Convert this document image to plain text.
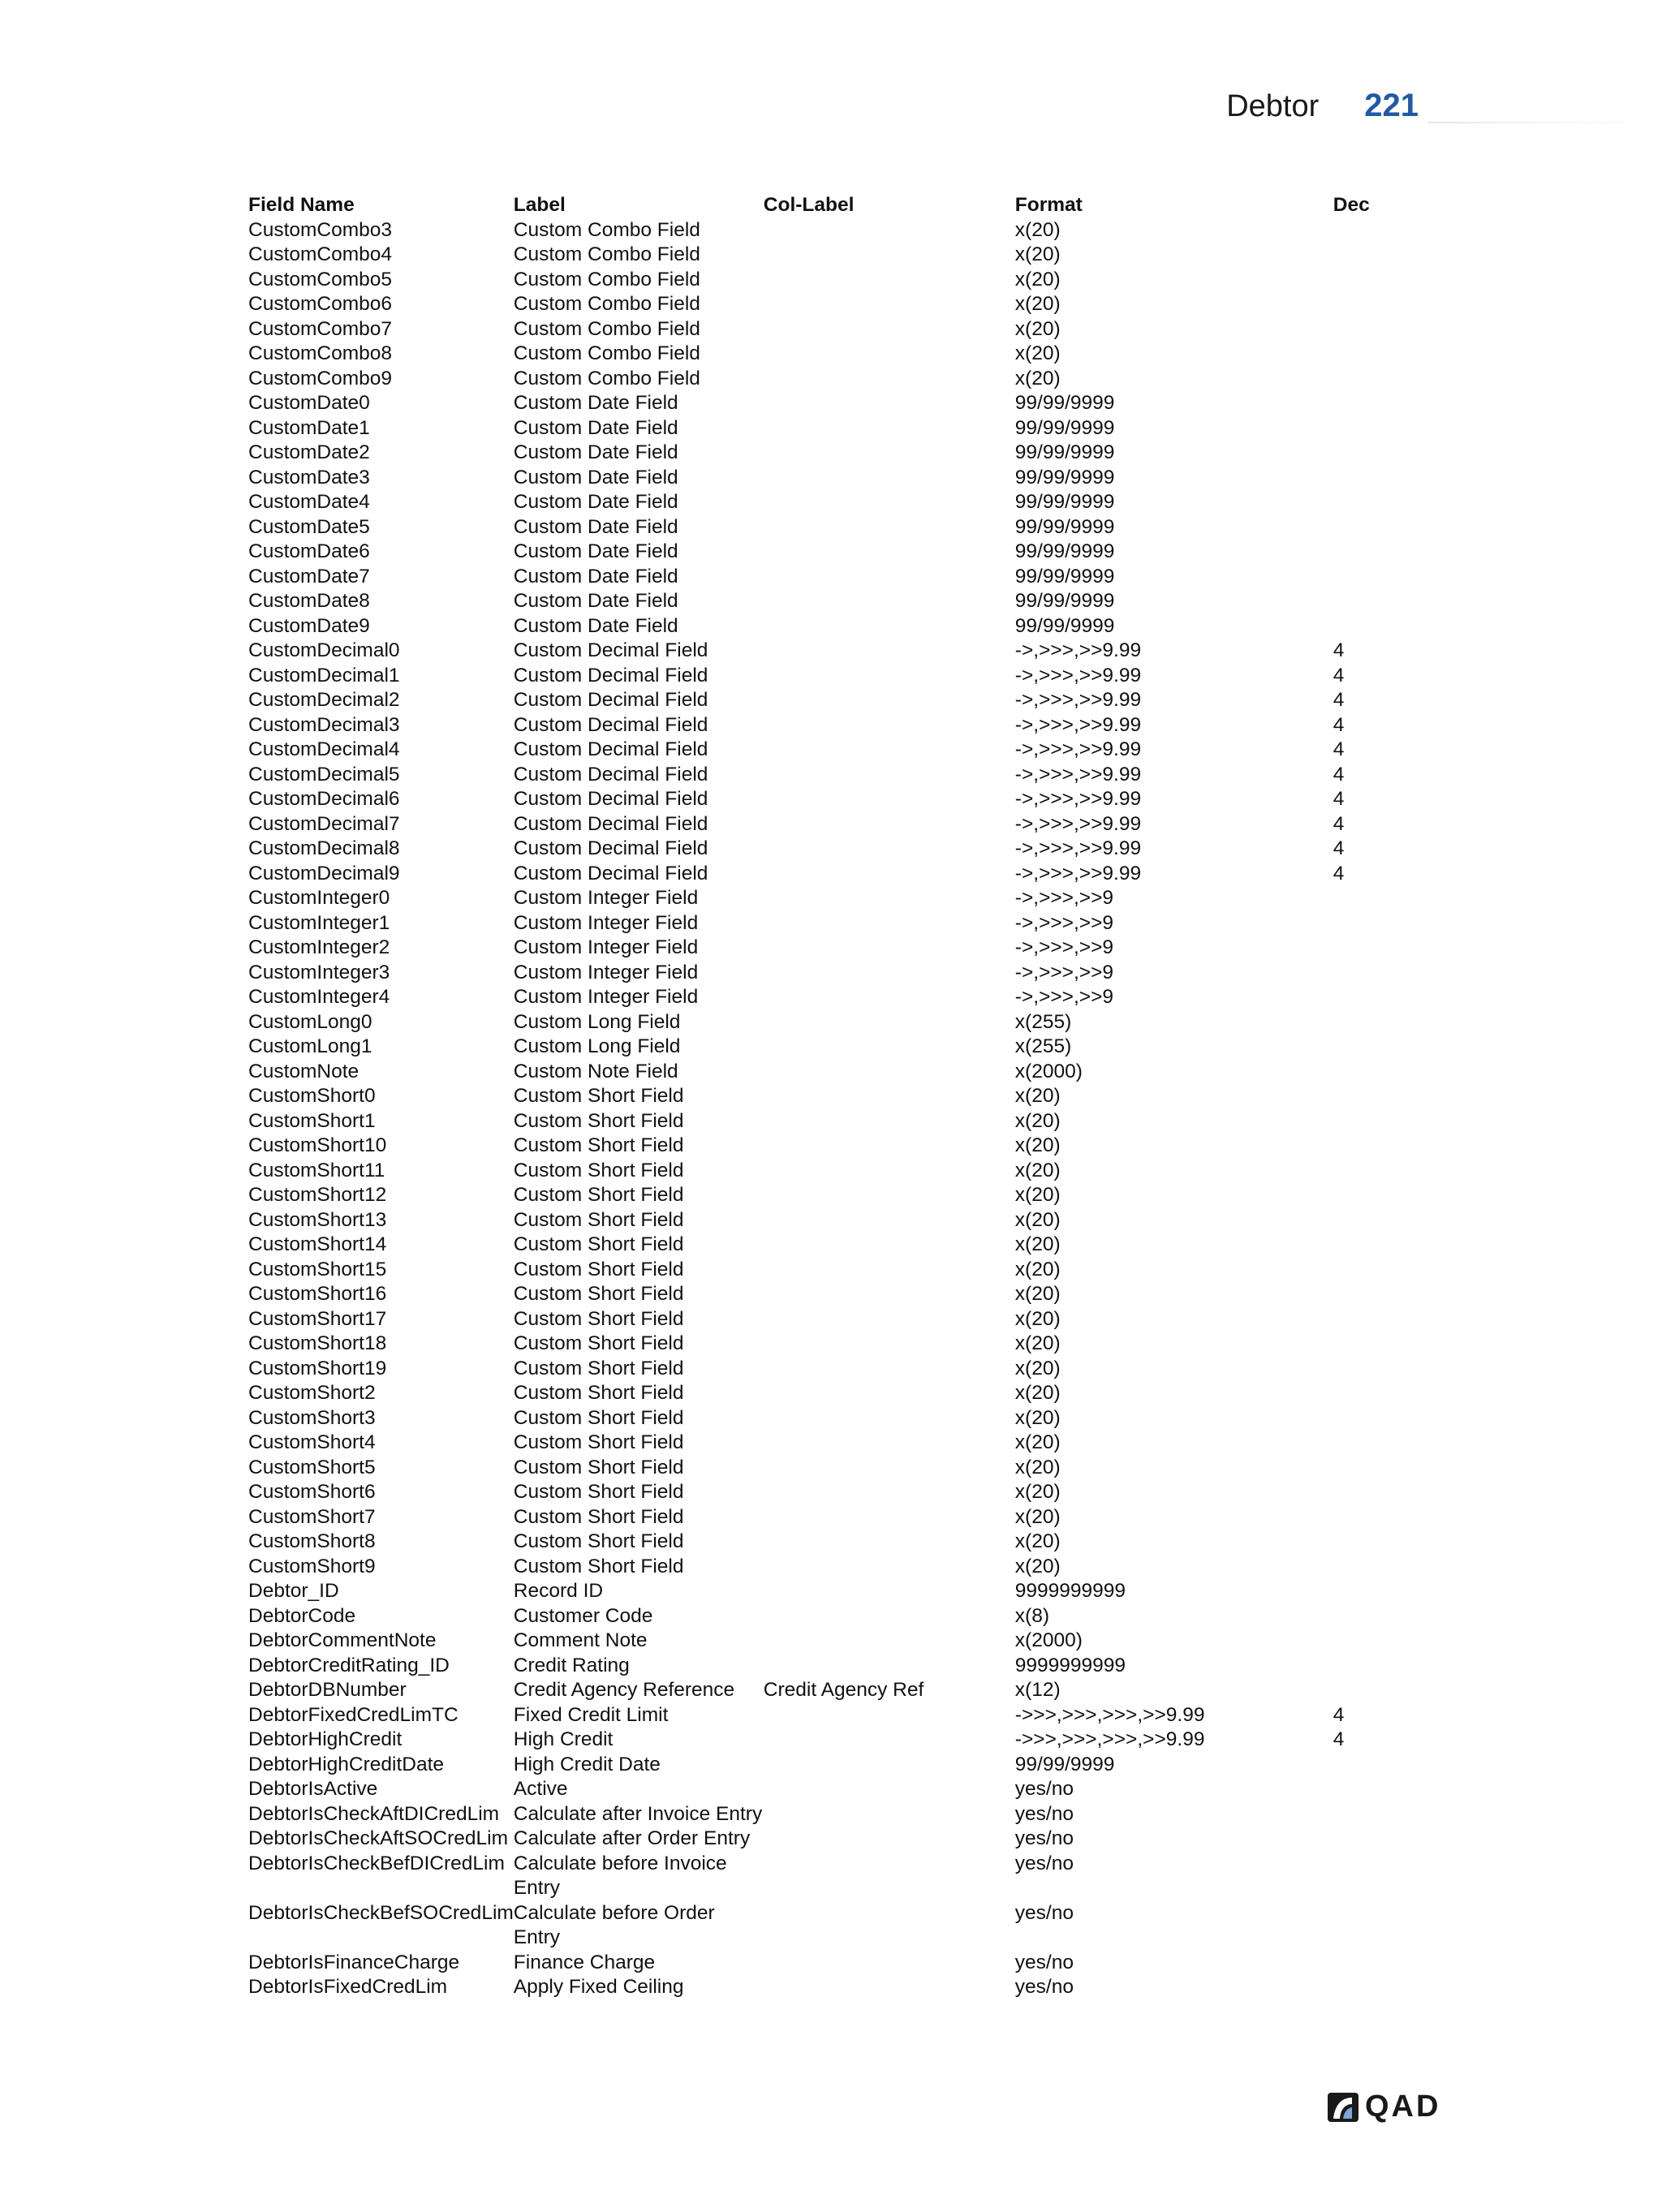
Debtor 221
Field Name	Label	Col-Label	Format	Dec
CustomCombo3	Custom Combo Field		x(20)	
CustomCombo4	Custom Combo Field		x(20)	
CustomCombo5	Custom Combo Field		x(20)	
CustomCombo6	Custom Combo Field		x(20)	
CustomCombo7	Custom Combo Field		x(20)	
CustomCombo8	Custom Combo Field		x(20)	
CustomCombo9	Custom Combo Field		x(20)	
CustomDate0	Custom Date Field		99/99/9999	
CustomDate1	Custom Date Field		99/99/9999	
CustomDate2	Custom Date Field		99/99/9999	
CustomDate3	Custom Date Field		99/99/9999	
CustomDate4	Custom Date Field		99/99/9999	
CustomDate5	Custom Date Field		99/99/9999	
CustomDate6	Custom Date Field		99/99/9999	
CustomDate7	Custom Date Field		99/99/9999	
CustomDate8	Custom Date Field		99/99/9999	
CustomDate9	Custom Date Field		99/99/9999	
CustomDecimal0	Custom Decimal Field		->,>>>,>>9.99	4
CustomDecimal1	Custom Decimal Field		->,>>>,>>9.99	4
CustomDecimal2	Custom Decimal Field		->,>>>,>>9.99	4
CustomDecimal3	Custom Decimal Field		->,>>>,>>9.99	4
CustomDecimal4	Custom Decimal Field		->,>>>,>>9.99	4
CustomDecimal5	Custom Decimal Field		->,>>>,>>9.99	4
CustomDecimal6	Custom Decimal Field		->,>>>,>>9.99	4
CustomDecimal7	Custom Decimal Field		->,>>>,>>9.99	4
CustomDecimal8	Custom Decimal Field		->,>>>,>>9.99	4
CustomDecimal9	Custom Decimal Field		->,>>>,>>9.99	4
CustomInteger0	Custom Integer Field		->,>>>,>>9	
CustomInteger1	Custom Integer Field		->,>>>,>>9	
CustomInteger2	Custom Integer Field		->,>>>,>>9	
CustomInteger3	Custom Integer Field		->,>>>,>>9	
CustomInteger4	Custom Integer Field		->,>>>,>>9	
CustomLong0	Custom Long Field		x(255)	
CustomLong1	Custom Long Field		x(255)	
CustomNote	Custom Note Field		x(2000)	
CustomShort0	Custom Short Field		x(20)	
CustomShort1	Custom Short Field		x(20)	
CustomShort10	Custom Short Field		x(20)	
CustomShort11	Custom Short Field		x(20)	
CustomShort12	Custom Short Field		x(20)	
CustomShort13	Custom Short Field		x(20)	
CustomShort14	Custom Short Field		x(20)	
CustomShort15	Custom Short Field		x(20)	
CustomShort16	Custom Short Field		x(20)	
CustomShort17	Custom Short Field		x(20)	
CustomShort18	Custom Short Field		x(20)	
CustomShort19	Custom Short Field		x(20)	
CustomShort2	Custom Short Field		x(20)	
CustomShort3	Custom Short Field		x(20)	
CustomShort4	Custom Short Field		x(20)	
CustomShort5	Custom Short Field		x(20)	
CustomShort6	Custom Short Field		x(20)	
CustomShort7	Custom Short Field		x(20)	
CustomShort8	Custom Short Field		x(20)	
CustomShort9	Custom Short Field		x(20)	
Debtor_ID	Record ID		9999999999	
DebtorCode	Customer Code		x(8)	
DebtorCommentNote	Comment Note		x(2000)	
DebtorCreditRating_ID	Credit Rating		9999999999	
DebtorDBNumber	Credit Agency Reference	Credit Agency Ref	x(12)	
DebtorFixedCredLimTC	Fixed Credit Limit		->>>,>>>,>>>,>>9.99	4
DebtorHighCredit	High Credit		->>>,>>>,>>>,>>9.99	4
DebtorHighCreditDate	High Credit Date		99/99/9999	
DebtorIsActive	Active		yes/no	
DebtorIsCheckAftDICredLim	Calculate after Invoice Entry		yes/no	
DebtorIsCheckAftSOCredLim	Calculate after Order Entry		yes/no	
DebtorIsCheckBefDICredLim	Calculate before Invoice Entry		yes/no	
DebtorIsCheckBefSOCredLim	Calculate before Order Entry		yes/no	
DebtorIsFinanceCharge	Finance Charge		yes/no	
DebtorIsFixedCredLim	Apply Fixed Ceiling		yes/no	
QAD
